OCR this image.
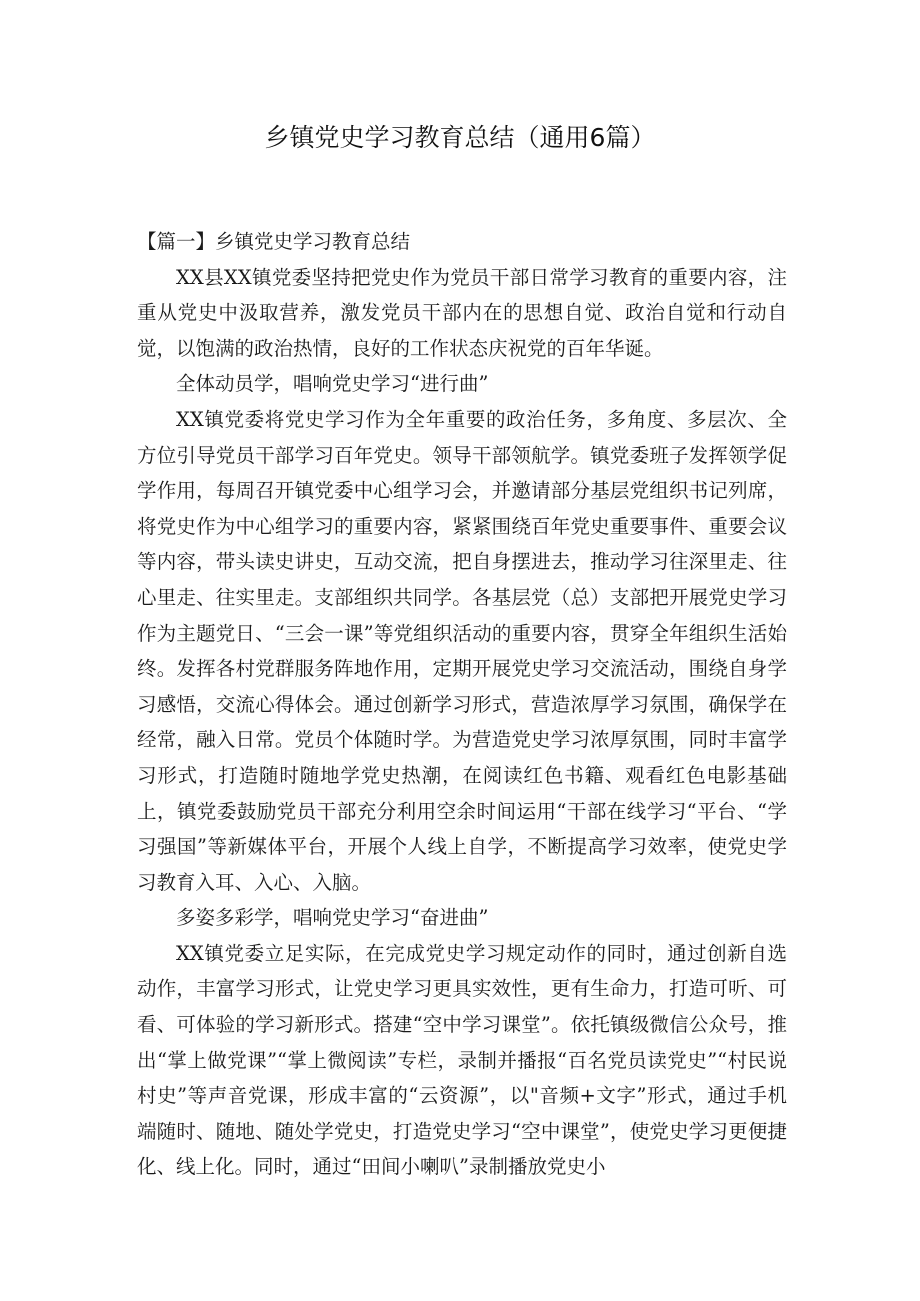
乡镇党史学习教育总结（通用6篇）

【篇一】乡镇党史学习教育总结

XX县XX镇党委坚持把党史作为党员干部日常学习教育的重要内容，注重从党史中汲取营养，激发党员干部内在的思想自觉、政治自觉和行动自觉，以饱满的政治热情，良好的工作状态庆祝党的百年华诞。

全体动员学，唱响党史学习“进行曲”

XX镇党委将党史学习作为全年重要的政治任务，多角度、多层次、全方位引导党员干部学习百年党史。领导干部领航学。镇党委班子发挥领学促学作用，每周召开镇党委中心组学习会，并邀请部分基层党组织书记列席，将党史作为中心组学习的重要内容，紧紧围绕百年党史重要事件、重要会议等内容，带头读史讲史，互动交流，把自身摆进去，推动学习往深里走、往心里走、往实里走。支部组织共同学。各基层党（总）支部把开展党史学习作为主题党日、“三会一课”等党组织活动的重要内容，贯穿全年组织生活始终。发挥各村党群服务阵地作用，定期开展党史学习交流活动，围绕自身学习感悟，交流心得体会。通过创新学习形式，营造浓厚学习氛围，确保学在经常，融入日常。党员个体随时学。为营造党史学习浓厚氛围，同时丰富学习形式，打造随时随地学党史热潮，在阅读红色书籍、观看红色电影基础上，镇党委鼓励党员干部充分利用空余时间运用“干部在线学习“平台、“学习强国”等新媒体平台，开展个人线上自学，不断提高学习效率，使党史学习教育入耳、入心、入脑。

多姿多彩学，唱响党史学习“奋进曲”

XX镇党委立足实际，在完成党史学习规定动作的同时，通过创新自选动作，丰富学习形式，让党史学习更具实效性，更有生命力，打造可听、可看、可体验的学习新形式。搭建“空中学习课堂”。依托镇级微信公众号，推出“掌上做党课”“掌上微阅读”专栏，录制并播报“百名党员读党史”“村民说村史”等声音党课，形成丰富的“云资源”，以"音频+文字”形式，通过手机端随时、随地、随处学党史，打造党史学习“空中课堂”，使党史学习更便捷化、线上化。同时，通过“田间小喇叭”录制播放党史小
